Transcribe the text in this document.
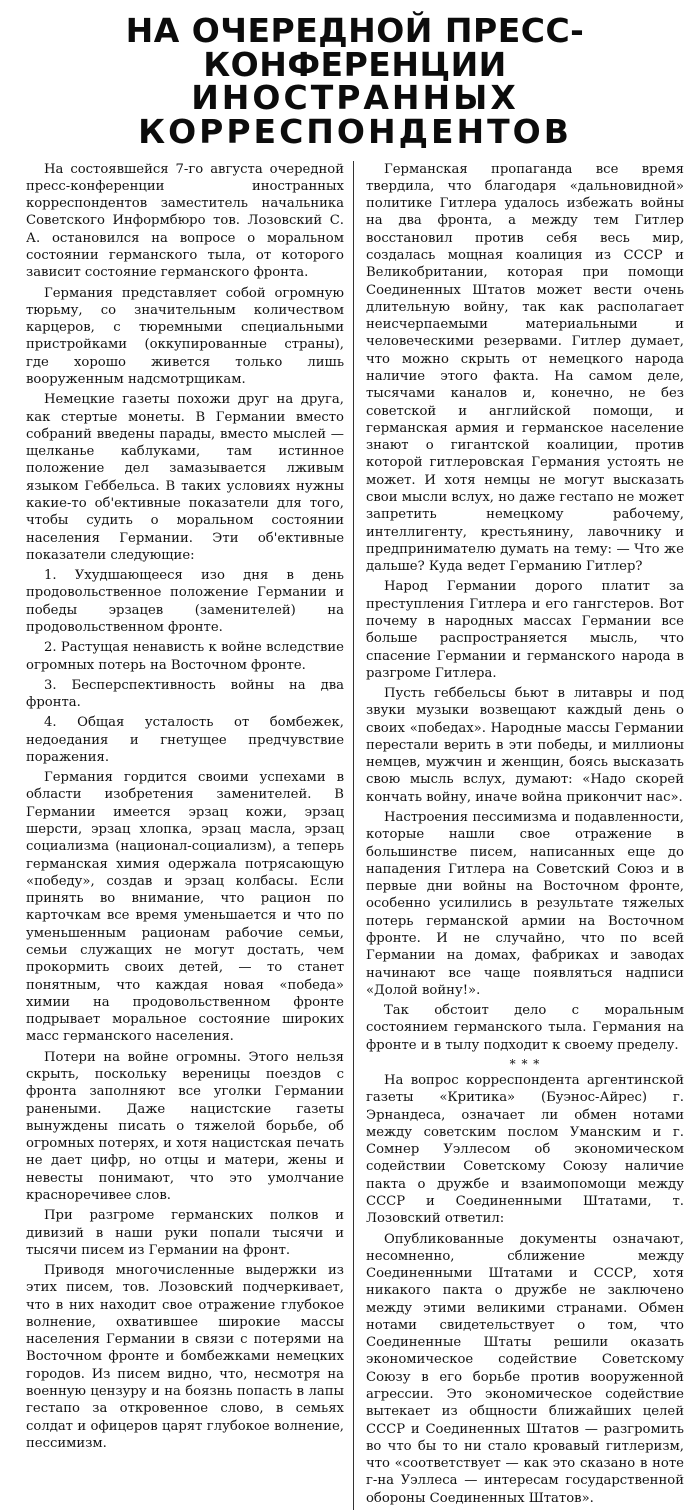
НА ОЧЕРЕДНОЙ ПРЕСС-КОНФЕРЕНЦИИ
ИНОСТРАННЫХ КОРРЕСПОНДЕНТОВ

На состоявшейся 7-го августа очередной пресс-конференции иностранных корреспондентов заместитель начальника Советского Информбюро тов. Лозовский С. А. остановился на вопросе о моральном состоянии германского тыла, от которого зависит состояние германского фронта.

Германия представляет собой огромную тюрьму, со значительным количеством карцеров, с тюремными специальными пристройками (оккупированные страны), где хорошо живется только лишь вооруженным надсмотрщикам.

Немецкие газеты похожи друг на друга, как стертые монеты. В Германии вместо собраний введены парады, вместо мыслей — щелканье каблуками, там истинное положение дел замазывается лживым языком Геббельса. В таких условиях нужны какие-то об'ективные показатели для того, чтобы судить о моральном состоянии населения Германии. Эти об'ективные показатели следующие:

1. Ухудшающееся изо дня в день продовольственное положение Германии и победы эрзацев (заменителей) на продовольственном фронте.

2. Растущая ненависть к войне вследствие огромных потерь на Восточном фронте.

3. Бесперспективность войны на два фронта.

4. Общая усталость от бомбежек, недоедания и гнетущее предчувствие поражения.

Германия гордится своими успехами в области изобретения заменителей. В Германии имеется эрзац кожи, эрзац шерсти, эрзац хлопка, эрзац масла, эрзац социализма (национал-социализм), а теперь германская химия одержала потрясающую «победу», создав и эрзац колбасы. Если принять во внимание, что рацион по карточкам все время уменьшается и что по уменьшенным рационам рабочие семьи, семьи служащих не могут достать, чем прокормить своих детей, — то станет понятным, что каждая новая «победа» химии на продовольственном фронте подрывает моральное состояние широких масс германского населения.

Потери на войне огромны. Этого нельзя скрыть, поскольку вереницы поездов с фронта заполняют все уголки Германии ранеными. Даже нацистские газеты вынуждены писать о тяжелой борьбе, об огромных потерях, и хотя нацистская печать не дает цифр, но отцы и матери, жены и невесты понимают, что это умолчание красноречивее слов.

При разгроме германских полков и дивизий в наши руки попали тысячи и тысячи писем из Германии на фронт.

Приводя многочисленные выдержки из этих писем, тов. Лозовский подчеркивает, что в них находит свое отражение глубокое волнение, охватившее широкие массы населения Германии в связи с потерями на Восточном фронте и бомбежками немецких городов. Из писем видно, что, несмотря на военную цензуру и на боязнь попасть в лапы гестапо за откровенное слово, в семьях солдат и офицеров царят глубокое волнение, пессимизм.

Германская пропаганда все время твердила, что благодаря «дальновидной» политике Гитлера удалось избежать войны на два фронта, а между тем Гитлер восстановил против себя весь мир, создалась мощная коалиция из СССР и Великобритании, которая при помощи Соединенных Штатов может вести очень длительную войну, так как располагает неисчерпаемыми материальными и человеческими резервами. Гитлер думает, что можно скрыть от немецкого народа наличие этого факта. На самом деле, тысячами каналов и, конечно, не без советской и английской помощи, и германская армия и германское население знают о гигантской коалиции, против которой гитлеровская Германия устоять не может. И хотя немцы не могут высказать свои мысли вслух, но даже гестапо не может запретить немецкому рабочему, интеллигенту, крестьянину, лавочнику и предпринимателю думать на тему: — Что же дальше? Куда ведет Германию Гитлер?

Народ Германии дорого платит за преступления Гитлера и его гангстеров. Вот почему в народных массах Германии все больше распространяется мысль, что спасение Германии и германского народа в разгроме Гитлера.

Пусть геббельсы бьют в литавры и под звуки музыки возвещают каждый день о своих «победах». Народные массы Германии перестали верить в эти победы, и миллионы немцев, мужчин и женщин, боясь высказать свою мысль вслух, думают: «Надо скорей кончать войну, иначе война прикончит нас».

Настроения пессимизма и подавленности, которые нашли свое отражение в большинстве писем, написанных еще до нападения Гитлера на Советский Союз и в первые дни войны на Восточном фронте, особенно усилились в результате тяжелых потерь германской армии на Восточном фронте. И не случайно, что по всей Германии на домах, фабриках и заводах начинают все чаще появляться надписи «Долой войну!».

Так обстоит дело с моральным состоянием германского тыла. Германия на фронте и в тылу подходит к своему пределу.

* * *

На вопрос корреспондента аргентинской газеты «Критика» (Буэнос-Айрес) г. Эрнандеса, означает ли обмен нотами между советским послом Уманским и г. Сомнер Уэллесом об экономическом содействии Советскому Союзу наличие пакта о дружбе и взаимопомощи между СССР и Соединенными Штатами, т. Лозовский ответил:

Опубликованные документы означают, несомненно, сближение между Соединенными Штатами и СССР, хотя никакого пакта о дружбе не заключено между этими великими странами. Обмен нотами свидетельствует о том, что Соединенные Штаты решили оказать экономическое содействие Советскому Союзу в его борьбе против вооруженной агрессии. Это экономическое содействие вытекает из общности ближайших целей СССР и Соединенных Штатов — разгромить во что бы то ни стало кровавый гитлеризм, что «соответствует — как это сказано в ноте г-на Уэллеса — интересам государственной обороны Соединенных Штатов».
